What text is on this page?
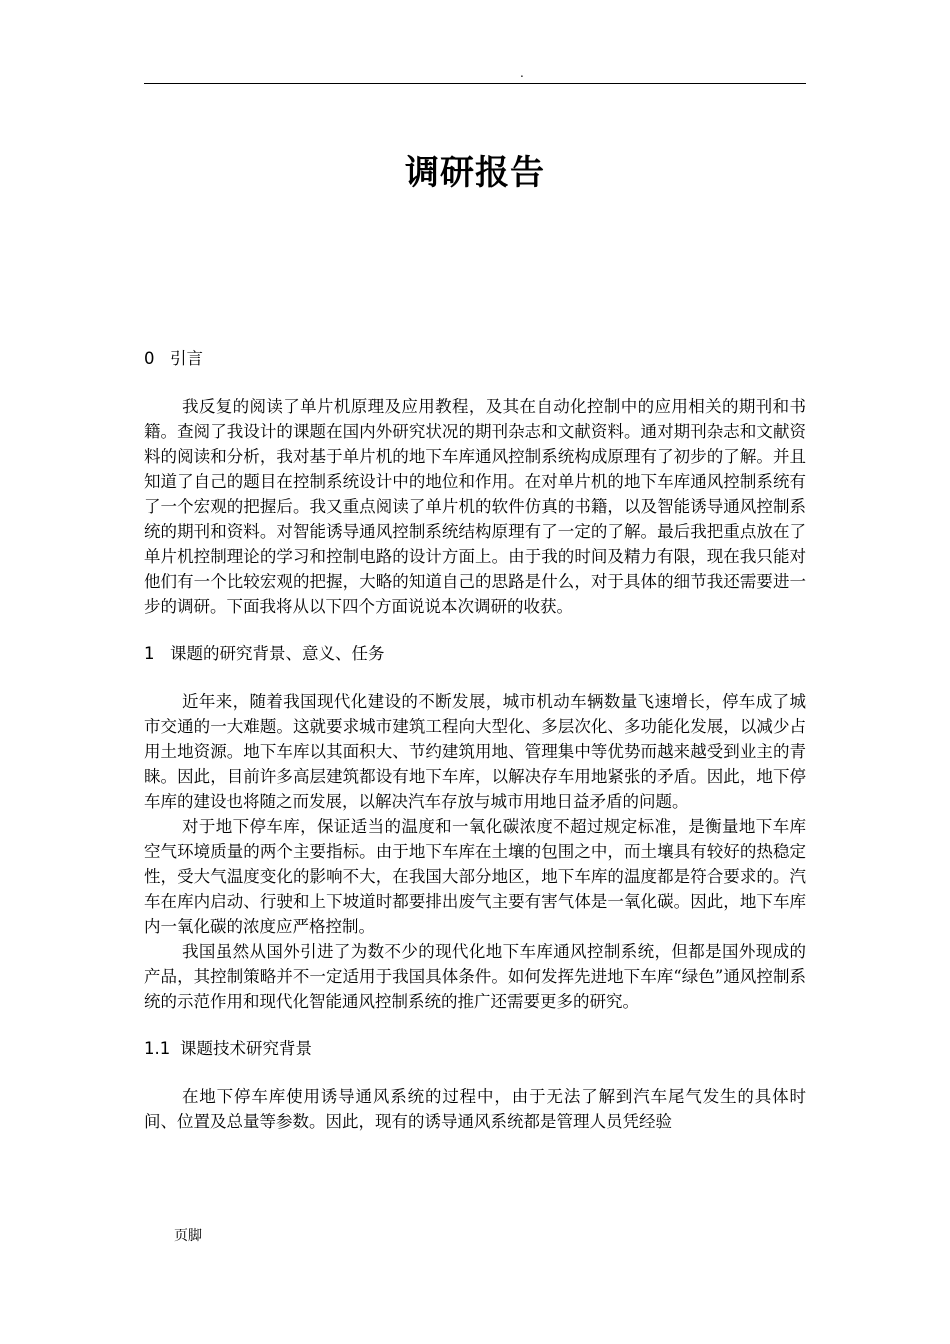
.
调研报告
0 引言

我反复的阅读了单片机原理及应用教程，及其在自动化控制中的应用相关的期刊和书籍。查阅了我设计的课题在国内外研究状况的期刊杂志和文献资料。通对期刊杂志和文献资料的阅读和分析，我对基于单片机的地下车库通风控制系统构成原理有了初步的了解。并且知道了自己的题目在控制系统设计中的地位和作用。在对单片机的地下车库通风控制系统有了一个宏观的把握后。我又重点阅读了单片机的软件仿真的书籍，以及智能诱导通风控制系统的期刊和资料。对智能诱导通风控制系统结构原理有了一定的了解。最后我把重点放在了单片机控制理论的学习和控制电路的设计方面上。由于我的时间及精力有限，现在我只能对他们有一个比较宏观的把握，大略的知道自己的思路是什么，对于具体的细节我还需要进一步的调研。下面我将从以下四个方面说说本次调研的收获。

1 课题的研究背景、意义、任务

近年来，随着我国现代化建设的不断发展，城市机动车辆数量飞速增长，停车成了城市交通的一大难题。这就要求城市建筑工程向大型化、多层次化、多功能化发展，以减少占用土地资源。地下车库以其面积大、节约建筑用地、管理集中等优势而越来越受到业主的青睐。因此，目前许多高层建筑都设有地下车库，以解决存车用地紧张的矛盾。因此，地下停车库的建设也将随之而发展，以解决汽车存放与城市用地日益矛盾的问题。

对于地下停车库，保证适当的温度和一氧化碳浓度不超过规定标准，是衡量地下车库空气环境质量的两个主要指标。由于地下车库在土壤的包围之中，而土壤具有较好的热稳定性，受大气温度变化的影响不大，在我国大部分地区，地下车库的温度都是符合要求的。汽车在库内启动、行驶和上下坡道时都要排出废气主要有害气体是一氧化碳。因此，地下车库内一氧化碳的浓度应严格控制。

我国虽然从国外引进了为数不少的现代化地下车库通风控制系统，但都是国外现成的产品，其控制策略并不一定适用于我国具体条件。如何发挥先进地下车库“绿色”通风控制系统的示范作用和现代化智能通风控制系统的推广还需要更多的研究。

1.1 课题技术研究背景

在地下停车库使用诱导通风系统的过程中，由于无法了解到汽车尾气发生的具体时间、位置及总量等参数。因此，现有的诱导通风系统都是管理人员凭经验

页脚
